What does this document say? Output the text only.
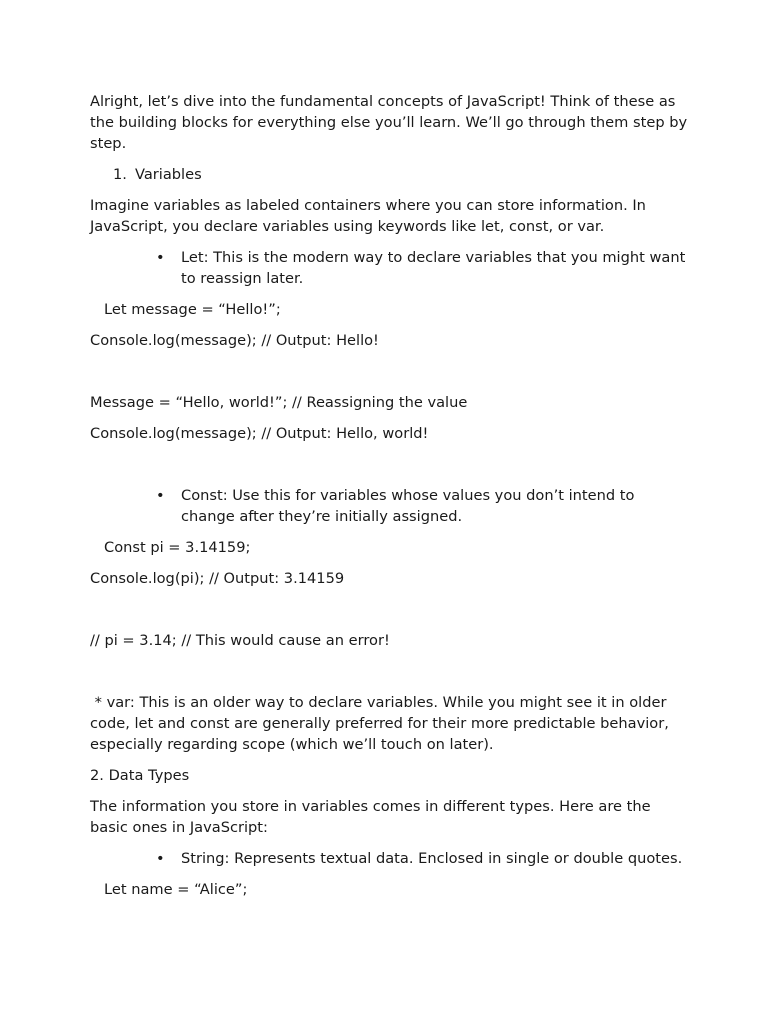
Alright, let’s dive into the fundamental concepts of JavaScript! Think of these as the building blocks for everything else you’ll learn. We’ll go through them step by step.

1. Variables

Imagine variables as labeled containers where you can store information. In JavaScript, you declare variables using keywords like let, const, or var.

• Let: This is the modern way to declare variables that you might want to reassign later.

Let message = “Hello!”;

Console.log(message); // Output: Hello!

Message = “Hello, world!”; // Reassigning the value

Console.log(message); // Output: Hello, world!

• Const: Use this for variables whose values you don’t intend to change after they’re initially assigned.

Const pi = 3.14159;

Console.log(pi); // Output: 3.14159

// pi = 3.14; // This would cause an error!

* var: This is an older way to declare variables. While you might see it in older code, let and const are generally preferred for their more predictable behavior, especially regarding scope (which we’ll touch on later).

2. Data Types

The information you store in variables comes in different types. Here are the basic ones in JavaScript:

• String: Represents textual data. Enclosed in single or double quotes.

Let name = “Alice”;
